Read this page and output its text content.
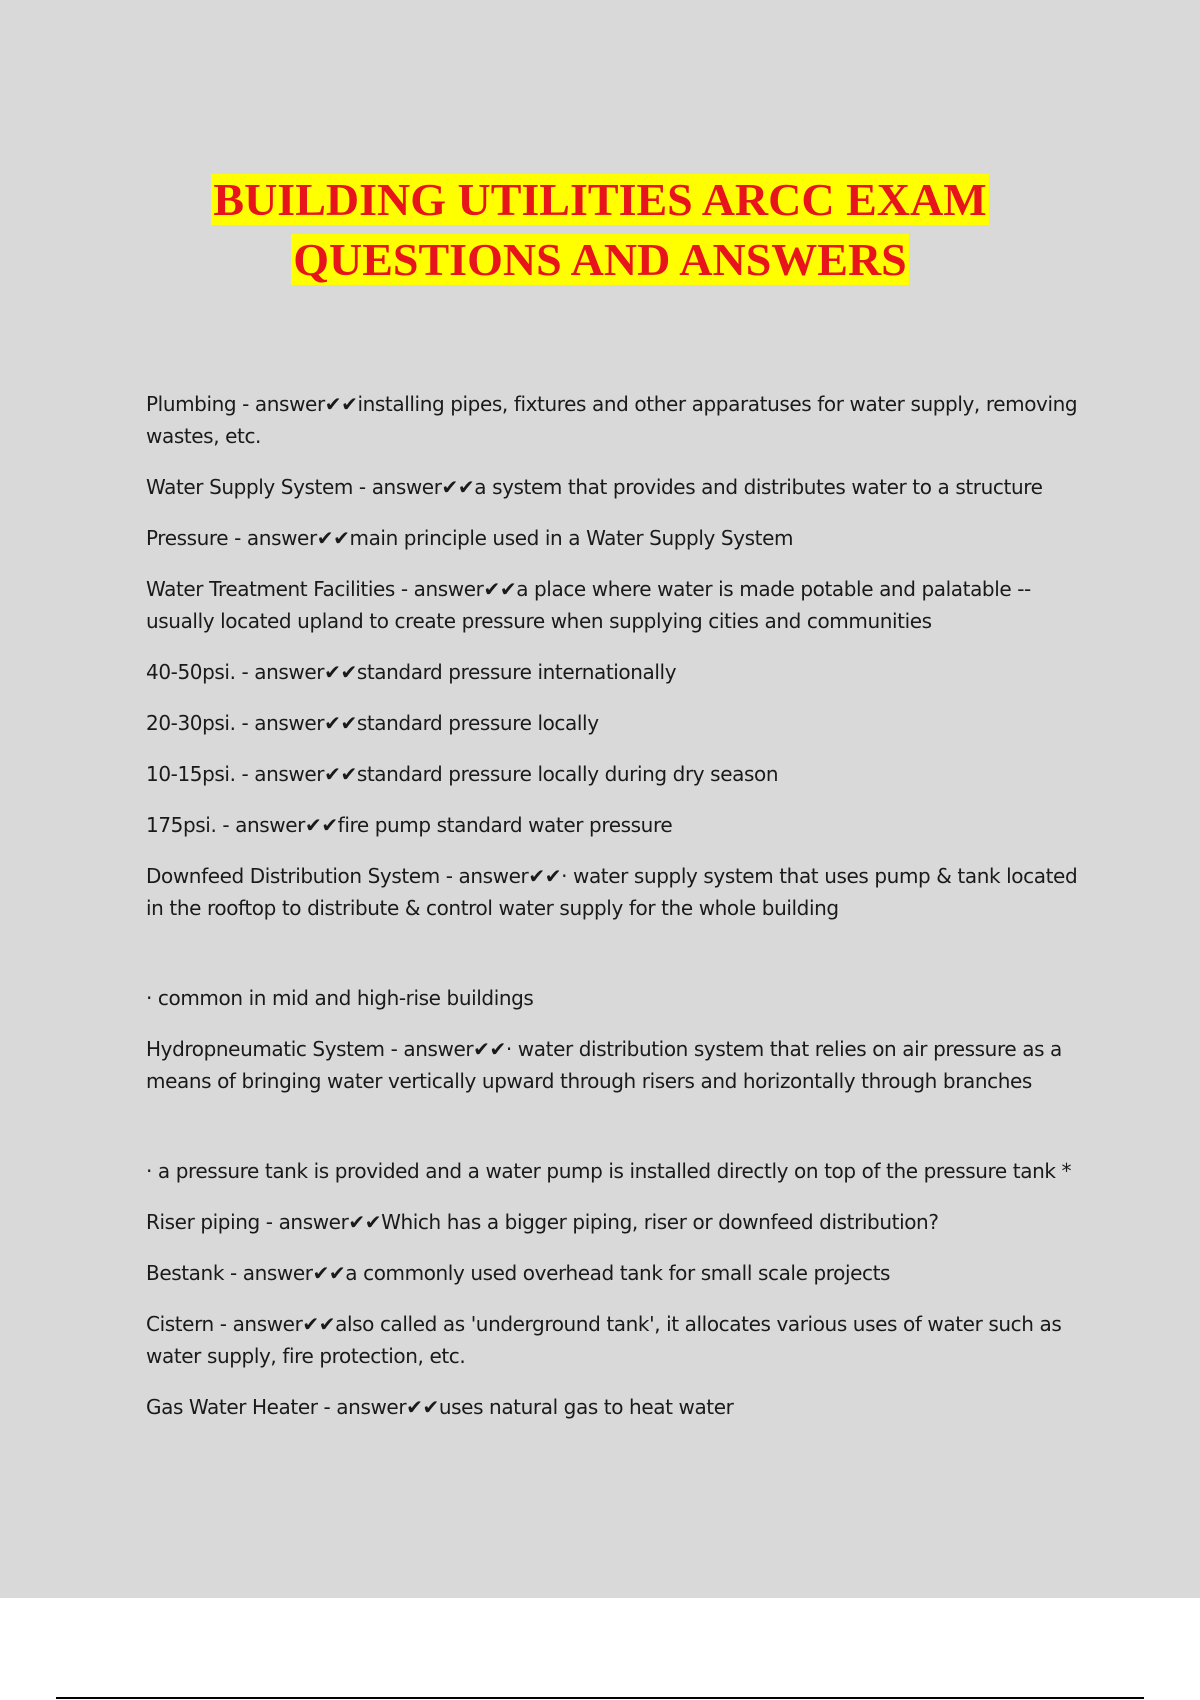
BUILDING UTILITIES ARCC EXAM
QUESTIONS AND ANSWERS

Plumbing - answer✔✔installing pipes, fixtures and other apparatuses for water supply, removing wastes, etc.

Water Supply System - answer✔✔a system that provides and distributes water to a structure

Pressure - answer✔✔main principle used in a Water Supply System

Water Treatment Facilities - answer✔✔a place where water is made potable and palatable -- usually located upland to create pressure when supplying cities and communities

40-50psi. - answer✔✔standard pressure internationally

20-30psi. - answer✔✔standard pressure locally

10-15psi. - answer✔✔standard pressure locally during dry season

175psi. - answer✔✔fire pump standard water pressure

Downfeed Distribution System - answer✔✔· water supply system that uses pump & tank located in the rooftop to distribute & control water supply for the whole building

· common in mid and high-rise buildings

Hydropneumatic System - answer✔✔· water distribution system that relies on air pressure as a means of bringing water vertically upward through risers and horizontally through branches

· a pressure tank is provided and a water pump is installed directly on top of the pressure tank *

Riser piping - answer✔✔Which has a bigger piping, riser or downfeed distribution?

Bestank - answer✔✔a commonly used overhead tank for small scale projects

Cistern - answer✔✔also called as 'underground tank', it allocates various uses of water such as water supply, fire protection, etc.

Gas Water Heater - answer✔✔uses natural gas to heat water
